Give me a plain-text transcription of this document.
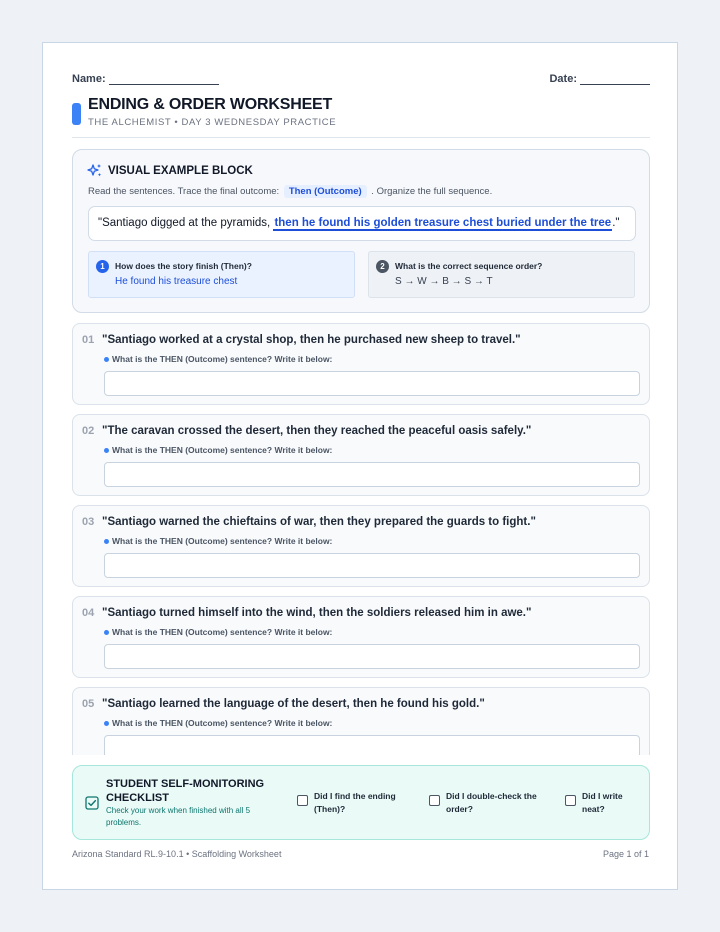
Name:	Date:
ENDING & ORDER WORKSHEET
THE ALCHEMIST • DAY 3 WEDNESDAY PRACTICE
VISUAL EXAMPLE BLOCK
Read the sentences. Trace the final outcome: Then (Outcome) . Organize the full sequence.
"Santiago digged at the pyramids, then he found his golden treasure chest buried under the tree."
1	How does the story finish (Then)?
He found his treasure chest
2	What is the correct sequence order?
S → W → B → S → T
01 "Santiago worked at a crystal shop, then he purchased new sheep to travel."
What is the THEN (Outcome) sentence? Write it below:
02 "The caravan crossed the desert, then they reached the peaceful oasis safely."
What is the THEN (Outcome) sentence? Write it below:
03 "Santiago warned the chieftains of war, then they prepared the guards to fight."
What is the THEN (Outcome) sentence? Write it below:
04 "Santiago turned himself into the wind, then the soldiers released him in awe."
What is the THEN (Outcome) sentence? Write it below:
05 "Santiago learned the language of the desert, then he found his gold."
What is the THEN (Outcome) sentence? Write it below:
STUDENT SELF-MONITORING CHECKLIST
Check your work when finished with all 5 problems.
Did I find the ending (Then)?
Did I double-check the order?
Did I write neat?
Arizona Standard RL.9-10.1 • Scaffolding Worksheet	Page 1 of 1
